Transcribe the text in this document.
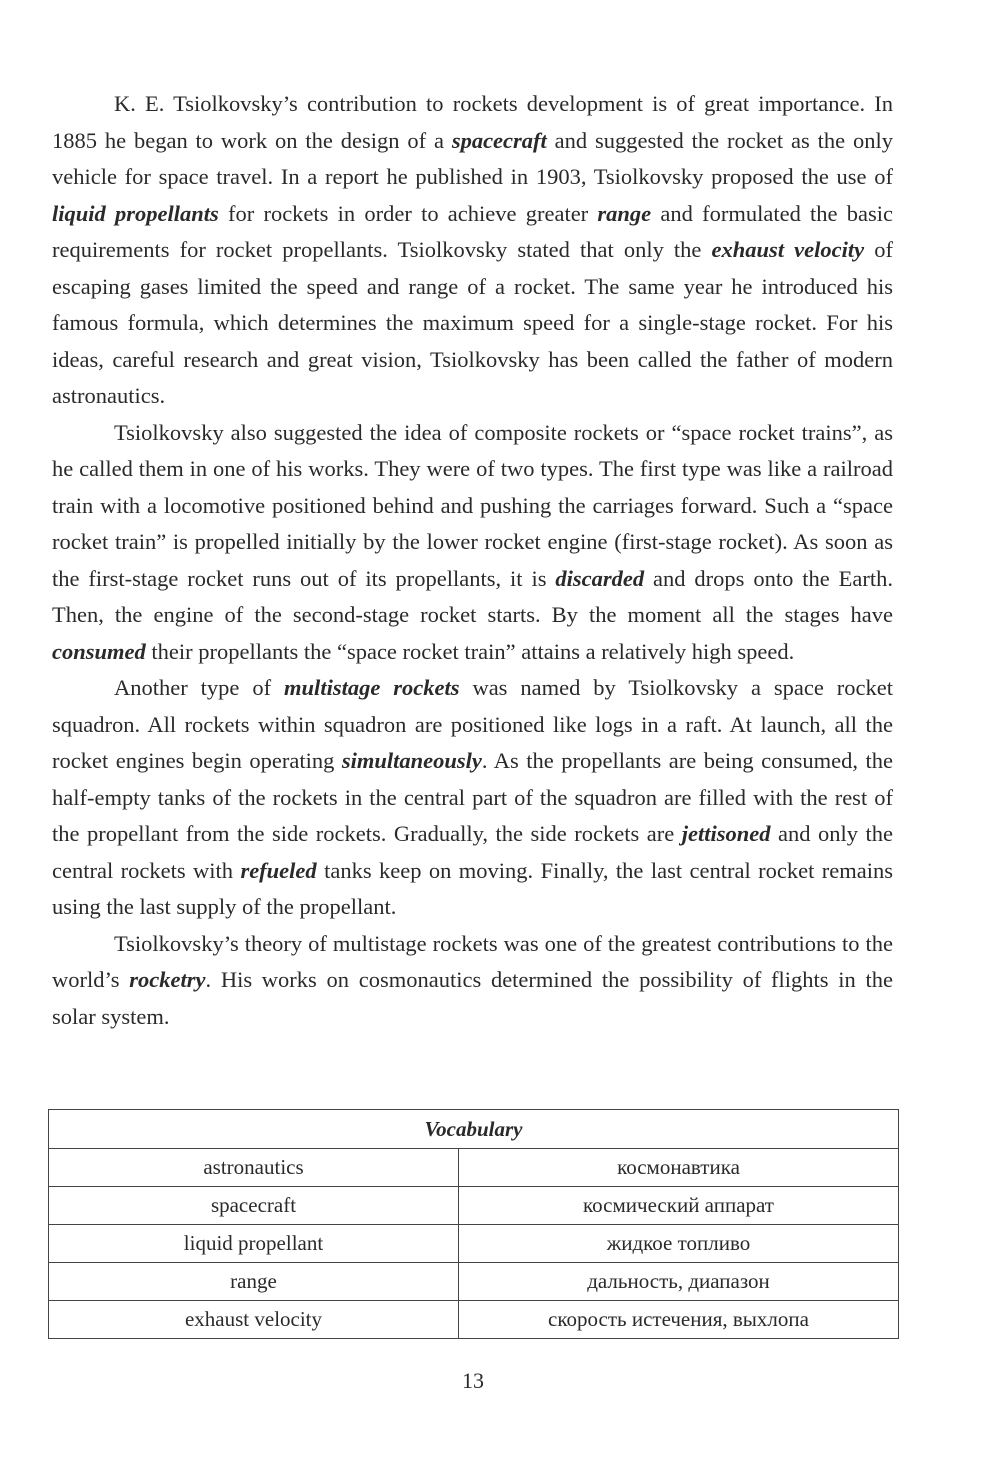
K. E. Tsiolkovsky’s contribution to rockets development is of great importance. In 1885 he began to work on the design of a spacecraft and suggested the rocket as the only vehicle for space travel. In a report he published in 1903, Tsiolkovsky proposed the use of liquid propellants for rockets in order to achieve greater range and formulated the basic requirements for rocket propellants. Tsiolkovsky stated that only the exhaust velocity of escaping gases limited the speed and range of a rocket. The same year he introduced his famous formula, which determines the maximum speed for a single-stage rocket. For his ideas, careful research and great vision, Tsiolkovsky has been called the father of modern astronautics.

Tsiolkovsky also suggested the idea of composite rockets or “space rocket trains”, as he called them in one of his works. They were of two types. The first type was like a railroad train with a locomotive positioned behind and pushing the carriages forward. Such a “space rocket train” is propelled initially by the lower rocket engine (first-stage rocket). As soon as the first-stage rocket runs out of its propellants, it is discarded and drops onto the Earth. Then, the engine of the second-stage rocket starts. By the moment all the stages have consumed their propellants the “space rocket train” attains a relatively high speed.

Another type of multistage rockets was named by Tsiolkovsky a space rocket squadron. All rockets within squadron are positioned like logs in a raft. At launch, all the rocket engines begin operating simultaneously. As the propellants are being consumed, the half-empty tanks of the rockets in the central part of the squadron are filled with the rest of the propellant from the side rockets. Gradually, the side rockets are jettisoned and only the central rockets with refueled tanks keep on moving. Finally, the last central rocket remains using the last supply of the propellant.

Tsiolkovsky’s theory of multistage rockets was one of the greatest contributions to the world’s rocketry. His works on cosmonautics determined the possibility of flights in the solar system.

Vocabulary	
astronautics	космонавтика
spacecraft	космический аппарат
liquid propellant	жидкое топливо
range	дальность, диапазон
exhaust velocity	скорость истечения, выхлопа
13
